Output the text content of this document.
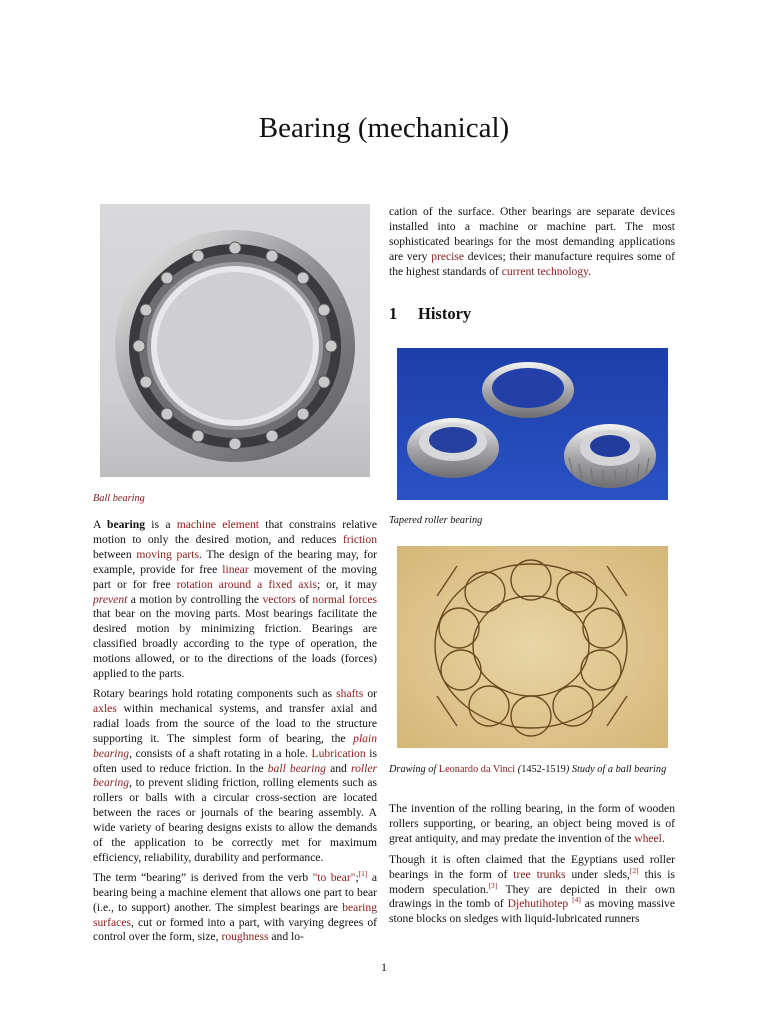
Bearing (mechanical)
Ball bearing

A bearing is a machine element that constrains relative motion to only the desired motion, and reduces friction between moving parts. The design of the bearing may, for example, provide for free linear movement of the moving part or for free rotation around a fixed axis; or, it may prevent a motion by controlling the vectors of normal forces that bear on the moving parts. Most bearings facilitate the desired motion by minimizing friction. Bearings are classified broadly according to the type of operation, the motions allowed, or to the directions of the loads (forces) applied to the parts.

Rotary bearings hold rotating components such as shafts or axles within mechanical systems, and transfer axial and radial loads from the source of the load to the structure supporting it. The simplest form of bearing, the plain bearing, consists of a shaft rotating in a hole. Lubrication is often used to reduce friction. In the ball bearing and roller bearing, to prevent sliding friction, rolling elements such as rollers or balls with a circular cross-section are located between the races or journals of the bearing assembly. A wide variety of bearing designs exists to allow the demands of the application to be correctly met for maximum efficiency, reliability, durability and performance.

The term “bearing” is derived from the verb "to bear";[1] a bearing being a machine element that allows one part to bear (i.e., to support) another. The simplest bearings are bearing surfaces, cut or formed into a part, with varying degrees of control over the form, size, roughness and lo-

cation of the surface. Other bearings are separate devices installed into a machine or machine part. The most sophisticated bearings for the most demanding applications are very precise devices; their manufacture requires some of the highest standards of current technology.

1 History
Tapered roller bearing
Drawing of Leonardo da Vinci (1452-1519) Study of a ball bearing

The invention of the rolling bearing, in the form of wooden rollers supporting, or bearing, an object being moved is of great antiquity, and may predate the invention of the wheel.

Though it is often claimed that the Egyptians used roller bearings in the form of tree trunks under sleds,[2] this is modern speculation.[3] They are depicted in their own drawings in the tomb of Djehutihotep [4] as moving massive stone blocks on sledges with liquid-lubricated runners

1
